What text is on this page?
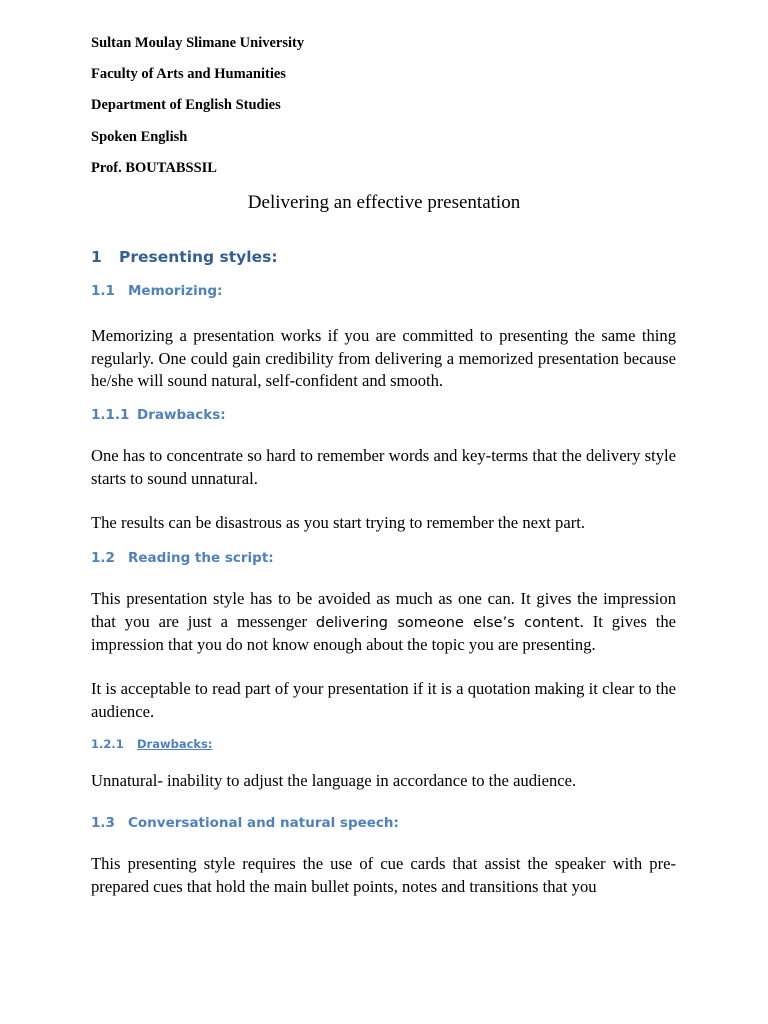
Sultan Moulay Slimane University
Faculty of Arts and Humanities
Department of English Studies
Spoken English
Prof. BOUTABSSIL
Delivering an effective presentation
1 Presenting styles:
1.1 Memorizing:
Memorizing a presentation works if you are committed to presenting the same thing regularly. One could gain credibility from delivering a memorized presentation because he/she will sound natural, self-confident and smooth.
1.1.1 Drawbacks:
One has to concentrate so hard to remember words and key-terms that the delivery style starts to sound unnatural.
The results can be disastrous as you start trying to remember the next part.
1.2 Reading the script:
This presentation style has to be avoided as much as one can. It gives the impression that you are just a messenger delivering someone else’s content. It gives the impression that you do not know enough about the topic you are presenting.
It is acceptable to read part of your presentation if it is a quotation making it clear to the audience.
1.2.1 Drawbacks:
Unnatural- inability to adjust the language in accordance to the audience.
1.3 Conversational and natural speech:
This presenting style requires the use of cue cards that assist the speaker with pre-prepared cues that hold the main bullet points, notes and transitions that you
